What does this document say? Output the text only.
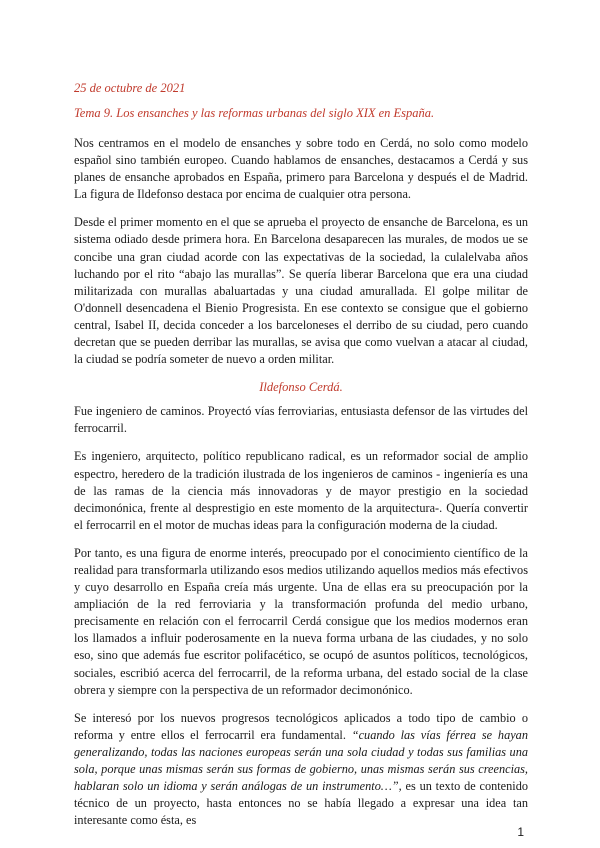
25 de octubre de 2021
Tema 9. Los ensanches y las reformas urbanas del siglo XIX en España.

Nos centramos en el modelo de ensanches y sobre todo en Cerdá, no solo como modelo español sino también europeo. Cuando hablamos de ensanches, destacamos a Cerdá y sus planes de ensanche aprobados en España, primero para Barcelona y después el de Madrid. La figura de Ildefonso destaca por encima de cualquier otra persona.

Desde el primer momento en el que se aprueba el proyecto de ensanche de Barcelona, es un sistema odiado desde primera hora. En Barcelona desaparecen las murales, de modos ue se concibe una gran ciudad acorde con las expectativas de la sociedad, la culalelvaba años luchando por el rito “abajo las murallas”. Se quería liberar Barcelona que era una ciudad militarizada con murallas abaluartadas y una ciudad amurallada. El golpe militar de O'donnell desencadena el Bienio Progresista. En ese contexto se consigue que el gobierno central, Isabel II, decida conceder a los barceloneses el derribo de su ciudad, pero cuando decretan que se pueden derribar las murallas, se avisa que como vuelvan a atacar al ciudad, la ciudad se podría someter de nuevo a orden militar.

Ildefonso Cerdá.

Fue ingeniero de caminos. Proyectó vías ferroviarias, entusiasta defensor de las virtudes del ferrocarril.

Es ingeniero, arquitecto, político republicano radical, es un reformador social de amplio espectro, heredero de la tradición ilustrada de los ingenieros de caminos - ingeniería es una de las ramas de la ciencia más innovadoras y de mayor prestigio en la sociedad decimonónica, frente al desprestigio en este momento de la arquitectura-. Quería convertir el ferrocarril en el motor de muchas ideas para la configuración moderna de la ciudad.

Por tanto, es una figura de enorme interés, preocupado por el conocimiento científico de la realidad para transformarla utilizando esos medios utilizando aquellos medios más efectivos y cuyo desarrollo en España creía más urgente. Una de ellas era su preocupación por la ampliación de la red ferroviaria y la transformación profunda del medio urbano, precisamente en relación con el ferrocarril Cerdá consigue que los medios modernos eran los llamados a influir poderosamente en la nueva forma urbana de las ciudades, y no solo eso, sino que además fue escritor polifacético, se ocupó de asuntos políticos, tecnológicos, sociales, escribió acerca del ferrocarril, de la reforma urbana, del estado social de la clase obrera y siempre con la perspectiva de un reformador decimonónico.

Se interesó por los nuevos progresos tecnológicos aplicados a todo tipo de cambio o reforma y entre ellos el ferrocarril era fundamental. “cuando las vías férrea se hayan generalizando, todas las naciones europeas serán una sola ciudad y todas sus familias una sola, porque unas mismas serán sus formas de gobierno, unas mismas serán sus creencias, hablaran solo un idioma y serán análogas de un instrumento…”, es un texto de contenido técnico de un proyecto, hasta entonces no se había llegado a expresar una idea tan interesante como ésta, es

1
